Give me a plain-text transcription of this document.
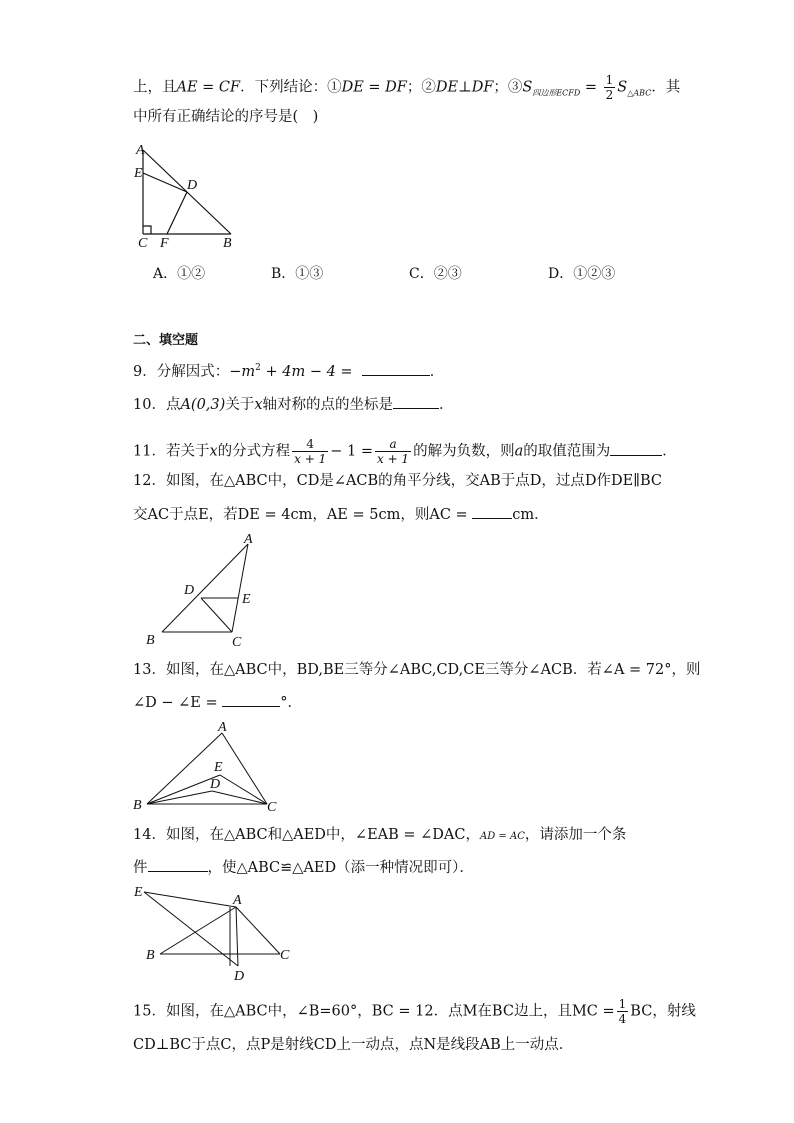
上，且AE = CF．下列结论：①DE = DF；②DE⊥DF；$③S_{四边形ECFD} = \frac{1}{2} S_{\triangle ABC}$．其
中所有正确结论的序号是(　)
A
E
D
C F	B
A．①②	B．①③	C．②③	D．①②③
二、填空题
9．分解因式：$-m^2 + 4m - 4$ =	．
10．点A(0,3)关于x轴对称的点的坐标是	．
11．若关于x的分式方程 $\frac{4}{x + 1} - 1 = \frac{a}{x + 1}$ 的解为负数，则a的取值范围为	．
12．如图，在△ABC中，CD是∠ACB的角平分线，交AB于点D，过点D作DE∥BC
交AC于点E，若DE = 4cm，AE = 5cm，则AC =	cm．
A
D
E
B	C
13．如图，在△ABC中，BD,BE三等分∠ABC,CD,CE三等分∠ACB．若∠A = 72°，则
∠D − ∠E =	°．
A
E
D
B	C
14．如图，在△ABC和△AED中，∠EAB = ∠DAC，AD = AC，请添加一个条
件	，使△ABC≌△AED（添一种情况即可）．
E
A
B	C
D
15．如图，在△ABC中，∠B=60°，BC = 12．点M在BC边上，且MC = $\frac{1}{4}$ BC，射线
CD⊥BC于点C，点P是射线CD上一动点，点N是线段AB上一动点．
